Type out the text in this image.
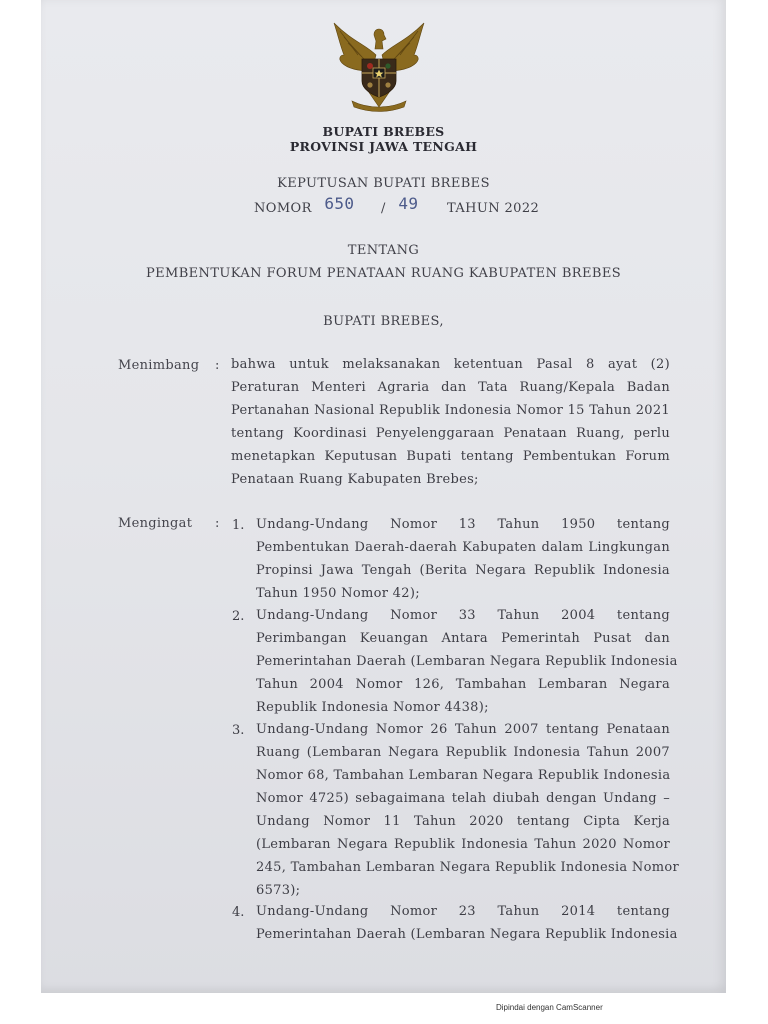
BUPATI BREBES
PROVINSI JAWA TENGAH
KEPUTUSAN BUPATI BREBES
NOMOR 650 / 49 TAHUN 2022
TENTANG
PEMBENTUKAN FORUM PENATAAN RUANG KABUPATEN BREBES
BUPATI BREBES,
Menimbang : bahwa untuk melaksanakan ketentuan Pasal 8 ayat (2)
Peraturan Menteri Agraria dan Tata Ruang/Kepala Badan
Pertanahan Nasional Republik Indonesia Nomor 15 Tahun 2021
tentang Koordinasi Penyelenggaraan Penataan Ruang, perlu
menetapkan Keputusan Bupati tentang Pembentukan Forum
Penataan Ruang Kabupaten Brebes;
Mengingat : 1. Undang-Undang Nomor 13 Tahun 1950 tentang
Pembentukan Daerah-daerah Kabupaten dalam Lingkungan
Propinsi Jawa Tengah (Berita Negara Republik Indonesia
Tahun 1950 Nomor 42);
2. Undang-Undang Nomor 33 Tahun 2004 tentang
Perimbangan Keuangan Antara Pemerintah Pusat dan
Pemerintahan Daerah (Lembaran Negara Republik Indonesia
Tahun 2004 Nomor 126, Tambahan Lembaran Negara
Republik Indonesia Nomor 4438);
3. Undang-Undang Nomor 26 Tahun 2007 tentang Penataan
Ruang (Lembaran Negara Republik Indonesia Tahun 2007
Nomor 68, Tambahan Lembaran Negara Republik Indonesia
Nomor 4725) sebagaimana telah diubah dengan Undang –
Undang Nomor 11 Tahun 2020 tentang Cipta Kerja
(Lembaran Negara Republik Indonesia Tahun 2020 Nomor
245, Tambahan Lembaran Negara Republik Indonesia Nomor
6573);
4. Undang-Undang Nomor 23 Tahun 2014 tentang
Pemerintahan Daerah (Lembaran Negara Republik Indonesia
Dipindai dengan CamScanner
